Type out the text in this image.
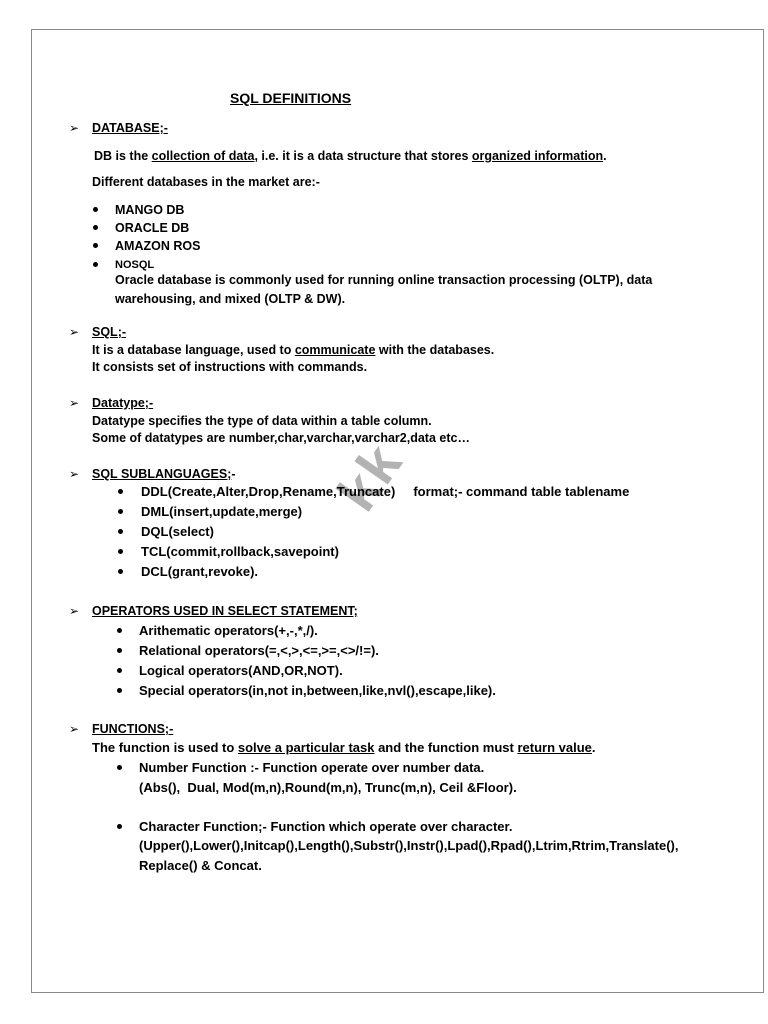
kk
SQL DEFINITIONS
➢ DATABASE;-
DB is the collection of data, i.e. it is a data structure that stores organized information.
Different databases in the market are:-
MANGO DB
ORACLE DB
AMAZON ROS
NOSQL
Oracle database is commonly used for running online transaction processing (OLTP), data
warehousing, and mixed (OLTP & DW).
➢ SQL;-
It is a database language, used to communicate with the databases.
It consists set of instructions with commands.
➢ Datatype;-
Datatype specifies the type of data within a table column.
Some of datatypes are number,char,varchar,varchar2,data etc…
➢ SQL SUBLANGUAGES;-
DDL(Create,Alter,Drop,Rename,Truncate)     format;- command table tablename
DML(insert,update,merge)
DQL(select)
TCL(commit,rollback,savepoint)
DCL(grant,revoke).
➢ OPERATORS USED IN SELECT STATEMENT;
Arithematic operators(+,-,*,/).
Relational operators(=,<,>,<=,>=,<>/!=).
Logical operators(AND,OR,NOT).
Special operators(in,not in,between,like,nvl(),escape,like).
➢ FUNCTIONS;-
The function is used to solve a particular task and the function must return value.
Number Function :- Function operate over number data.
(Abs(),  Dual, Mod(m,n),Round(m,n), Trunc(m,n), Ceil &Floor).
Character Function;- Function which operate over character.
(Upper(),Lower(),Initcap(),Length(),Substr(),Instr(),Lpad(),Rpad(),Ltrim,Rtrim,Translate(),
Replace() & Concat.
